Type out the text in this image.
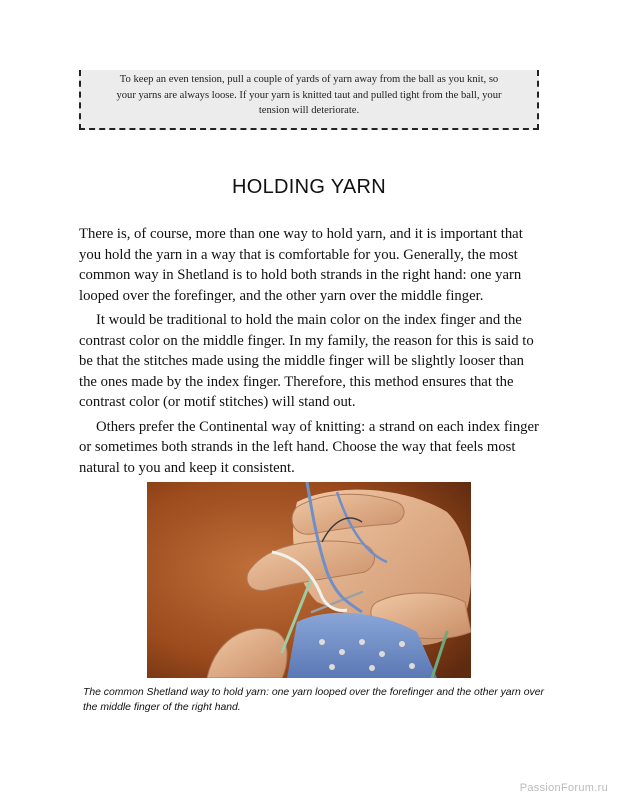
To keep an even tension, pull a couple of yards of yarn away from the ball as you knit, so your yarns are always loose. If your yarn is knitted taut and pulled tight from the ball, your tension will deteriorate.
HOLDING YARN

There is, of course, more than one way to hold yarn, and it is important that you hold the yarn in a way that is comfortable for you. Generally, the most common way in Shetland is to hold both strands in the right hand: one yarn looped over the forefinger, and the other yarn over the middle finger.

It would be traditional to hold the main color on the index finger and the contrast color on the middle finger. In my family, the reason for this is said to be that the stitches made using the middle finger will be slightly looser than the ones made by the index finger. Therefore, this method ensures that the contrast color (or motif stitches) will stand out.

Others prefer the Continental way of knitting: a strand on each index finger or sometimes both strands in the left hand. Choose the way that feels most natural to you and keep it consistent.

The common Shetland way to hold yarn: one yarn looped over the forefinger and the other yarn over the middle finger of the right hand.
PassionForum.ru
